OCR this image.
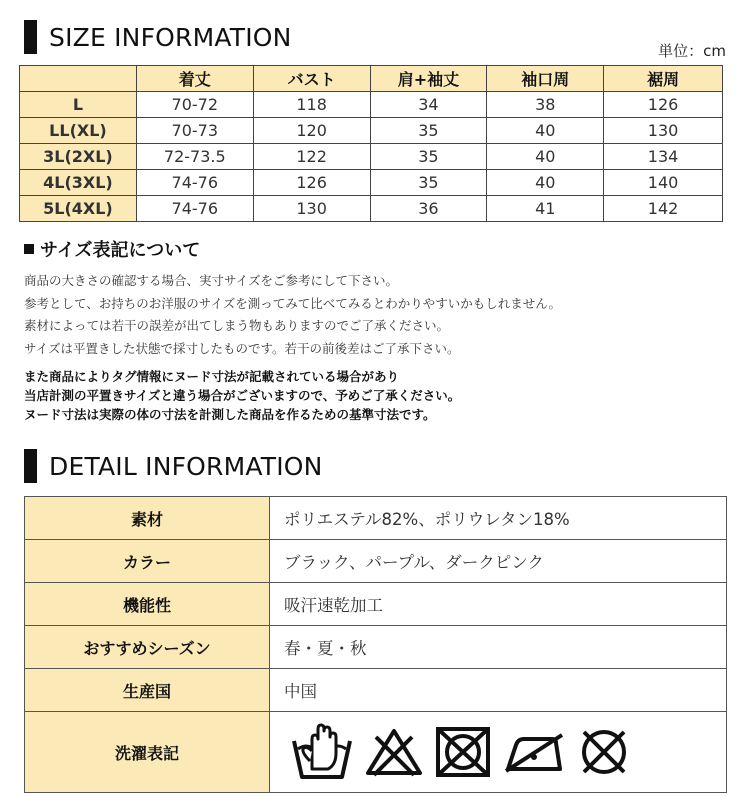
SIZE INFORMATION	単位：cm
	着丈	バスト	肩+袖丈	袖口周	裾周
L	70-72	118	34	38	126
LL(XL)	70-73	120	35	40	130
3L(2XL)	72-73.5	122	35	40	134
4L(3XL)	74-76	126	35	40	140
5L(4XL)	74-76	130	36	41	142
サイズ表記について
商品の大きさの確認する場合、実寸サイズをご参考にして下さい。
参考として、お持ちのお洋服のサイズを測ってみて比べてみるとわかりやすいかもしれません。
素材によっては若干の誤差が出てしまう物もありますのでご了承ください。
サイズは平置きした状態で採寸したものです。若干の前後差はご了承下さい。
また商品によりタグ情報にヌード寸法が記載されている場合があり
当店計測の平置きサイズと違う場合がございますので、予めご了承ください。
ヌード寸法は実際の体の寸法を計測した商品を作るための基準寸法です。
DETAIL INFORMATION
素材	ポリエステル82%、ポリウレタン18%
カラー	ブラック、パープル、ダークピンク
機能性	吸汗速乾加工
おすすめシーズン	春・夏・秋
生産国	中国
洗濯表記	
